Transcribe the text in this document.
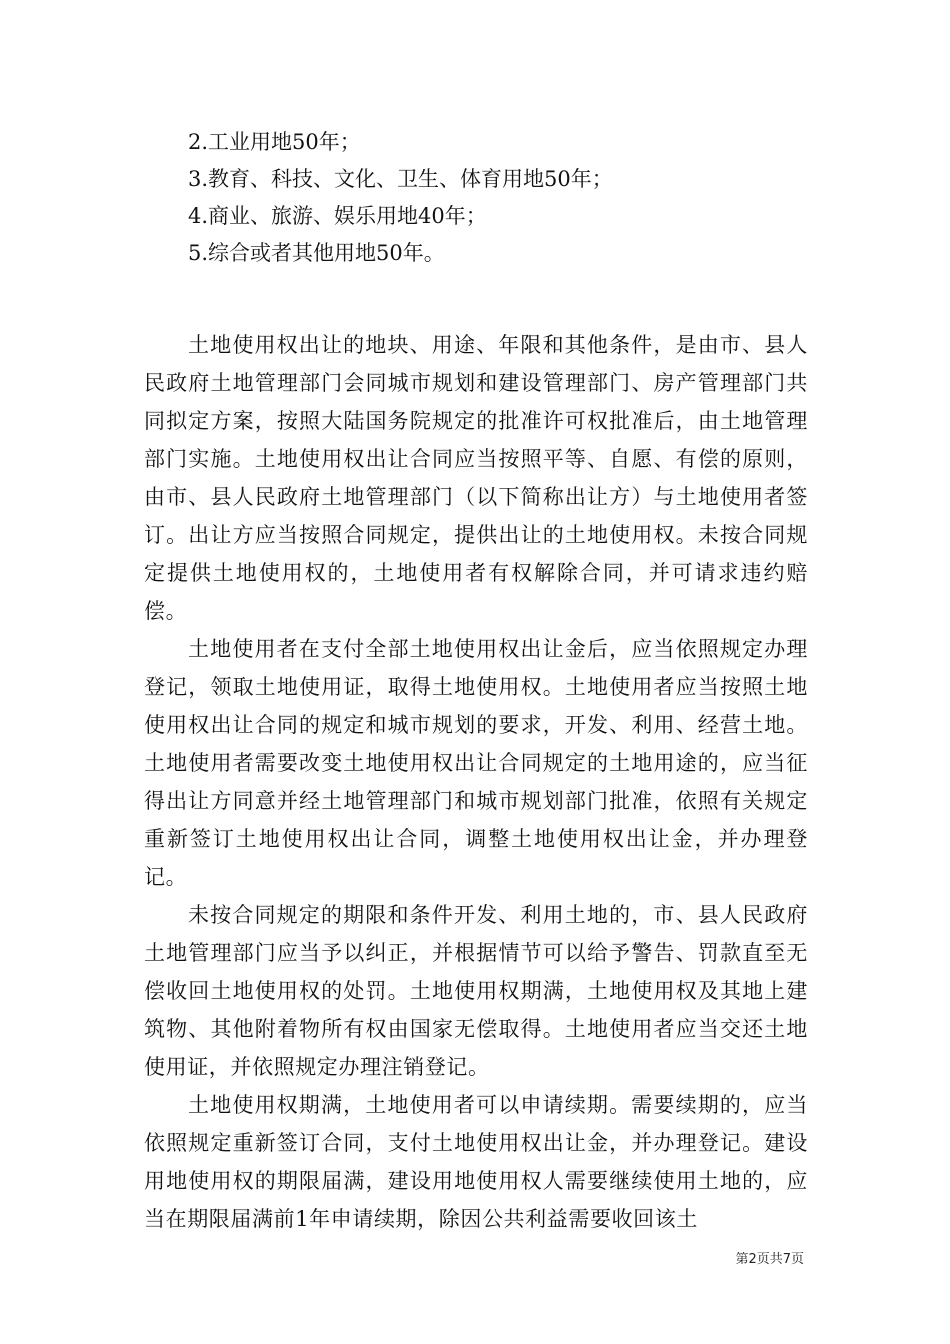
2.工业用地50年；
3.教育、科技、文化、卫生、体育用地50年；
4.商业、旅游、娱乐用地40年；
5.综合或者其他用地50年。

土地使用权出让的地块、用途、年限和其他条件，是由市、县人民政府土地管理部门会同城市规划和建设管理部门、房产管理部门共同拟定方案，按照大陆国务院规定的批准许可权批准后，由土地管理部门实施。土地使用权出让合同应当按照平等、自愿、有偿的原则，由市、县人民政府土地管理部门（以下简称出让方）与土地使用者签订。出让方应当按照合同规定，提供出让的土地使用权。未按合同规定提供土地使用权的，土地使用者有权解除合同，并可请求违约赔偿。

土地使用者在支付全部土地使用权出让金后，应当依照规定办理登记，领取土地使用证，取得土地使用权。土地使用者应当按照土地使用权出让合同的规定和城市规划的要求，开发、利用、经营土地。土地使用者需要改变土地使用权出让合同规定的土地用途的，应当征得出让方同意并经土地管理部门和城市规划部门批准，依照有关规定重新签订土地使用权出让合同，调整土地使用权出让金，并办理登记。

未按合同规定的期限和条件开发、利用土地的，市、县人民政府土地管理部门应当予以纠正，并根据情节可以给予警告、罚款直至无偿收回土地使用权的处罚。土地使用权期满，土地使用权及其地上建筑物、其他附着物所有权由国家无偿取得。土地使用者应当交还土地使用证，并依照规定办理注销登记。

土地使用权期满，土地使用者可以申请续期。需要续期的，应当依照规定重新签订合同，支付土地使用权出让金，并办理登记。建设用地使用权的期限届满，建设用地使用权人需要继续使用土地的，应当在期限届满前1年申请续期，除因公共利益需要收回该土

第2页共7页
